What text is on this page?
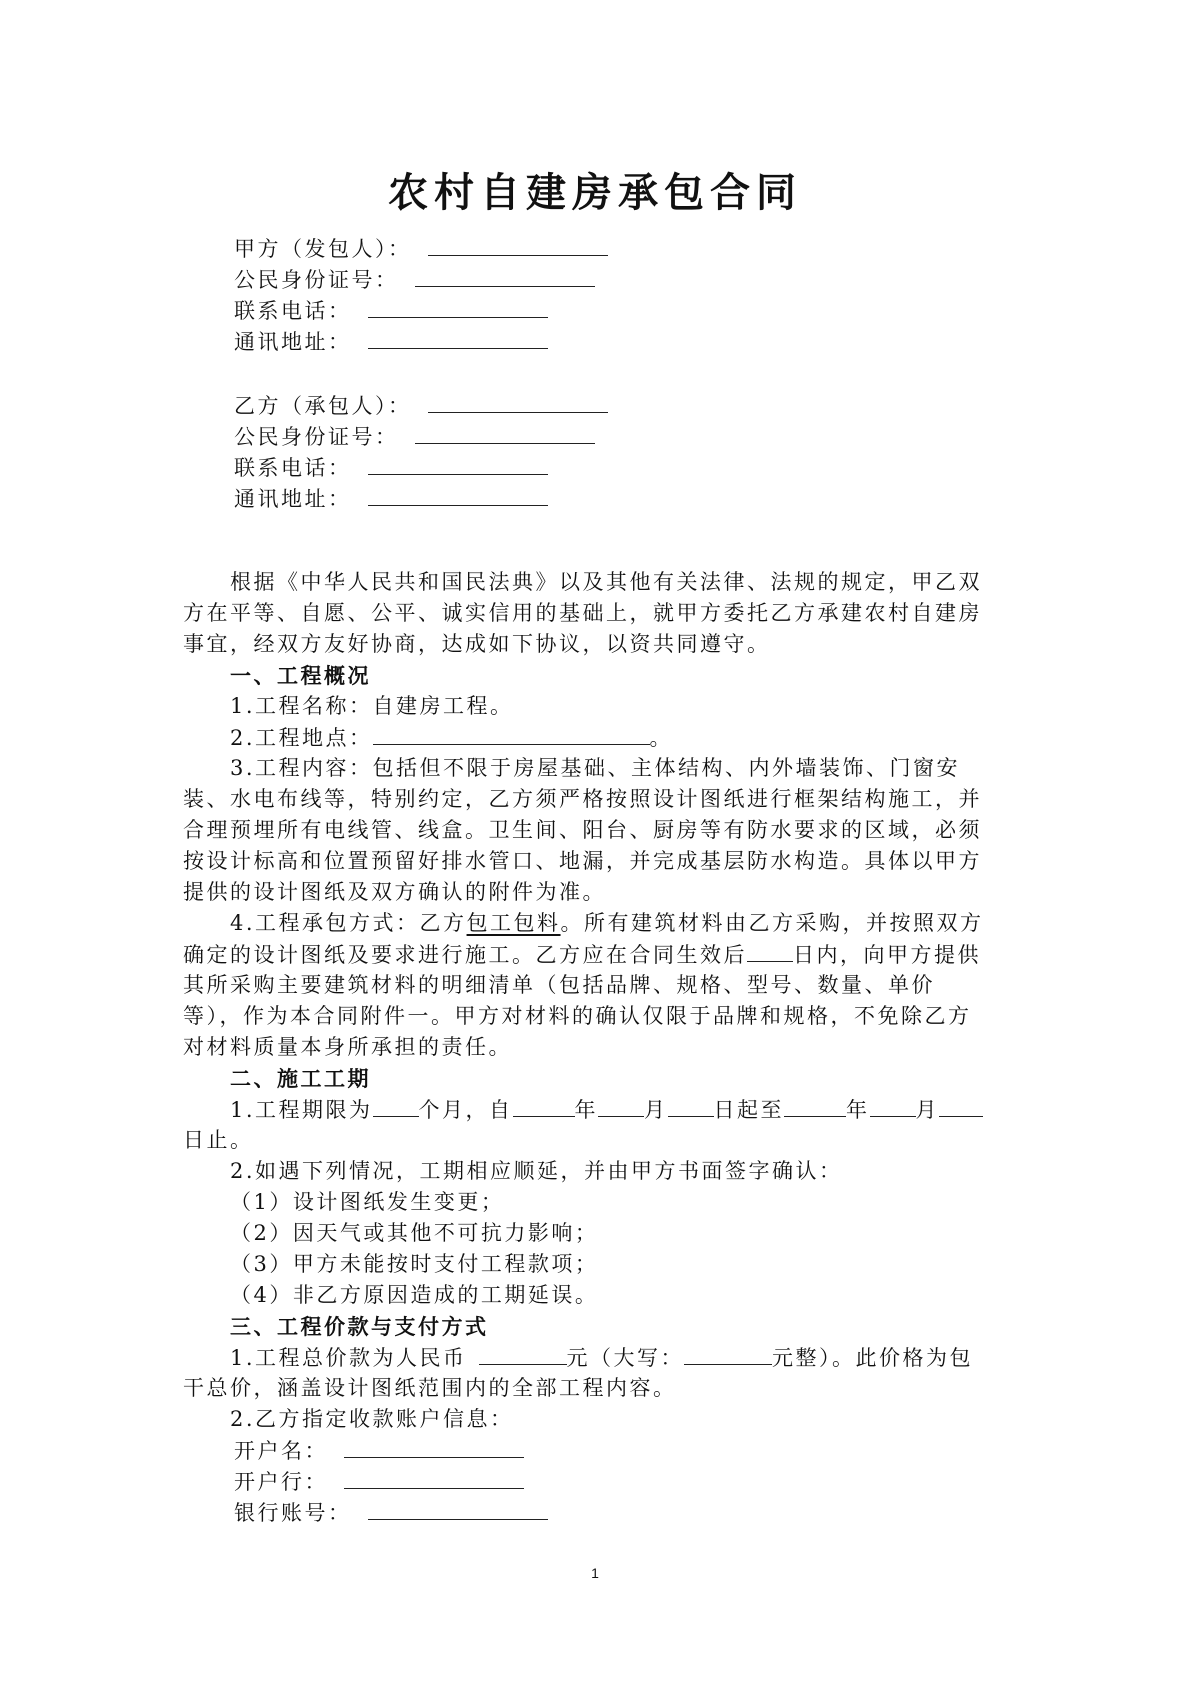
农村自建房承包合同
甲方（发包人）：
公民身份证号：
联系电话：
通讯地址：
乙方（承包人）：
公民身份证号：
联系电话：
通讯地址：
根据《中华人民共和国民法典》以及其他有关法律、法规的规定，甲乙双
方在平等、自愿、公平、诚实信用的基础上，就甲方委托乙方承建农村自建房
事宜，经双方友好协商，达成如下协议，以资共同遵守。
一、工程概况
1.工程名称：自建房工程。
2.工程地点：	。
3.工程内容：包括但不限于房屋基础、主体结构、内外墙装饰、门窗安
装、水电布线等，特别约定，乙方须严格按照设计图纸进行框架结构施工，并
合理预埋所有电线管、线盒。卫生间、阳台、厨房等有防水要求的区域，必须
按设计标高和位置预留好排水管口、地漏，并完成基层防水构造。具体以甲方
提供的设计图纸及双方确认的附件为准。
4.工程承包方式：乙方包工包料。所有建筑材料由乙方采购，并按照双方
确定的设计图纸及要求进行施工。乙方应在合同生效后 日内，向甲方提供
其所采购主要建筑材料的明细清单（包括品牌、规格、型号、数量、单价
等），作为本合同附件一。甲方对材料的确认仅限于品牌和规格，不免除乙方
对材料质量本身所承担的责任。
二、施工工期
1.工程期限为 个月，自	年 月 日起至	年 月
日止。
2.如遇下列情况，工期相应顺延，并由甲方书面签字确认：
（1）设计图纸发生变更；
（2）因天气或其他不可抗力影响；
（3）甲方未能按时支付工程款项；
（4）非乙方原因造成的工期延误。
三、工程价款与支付方式
1.工程总价款为人民币	元（大写：	元整）。此价格为包
干总价，涵盖设计图纸范围内的全部工程内容。
2.乙方指定收款账户信息：
开户名：
开户行：
银行账号：
1
